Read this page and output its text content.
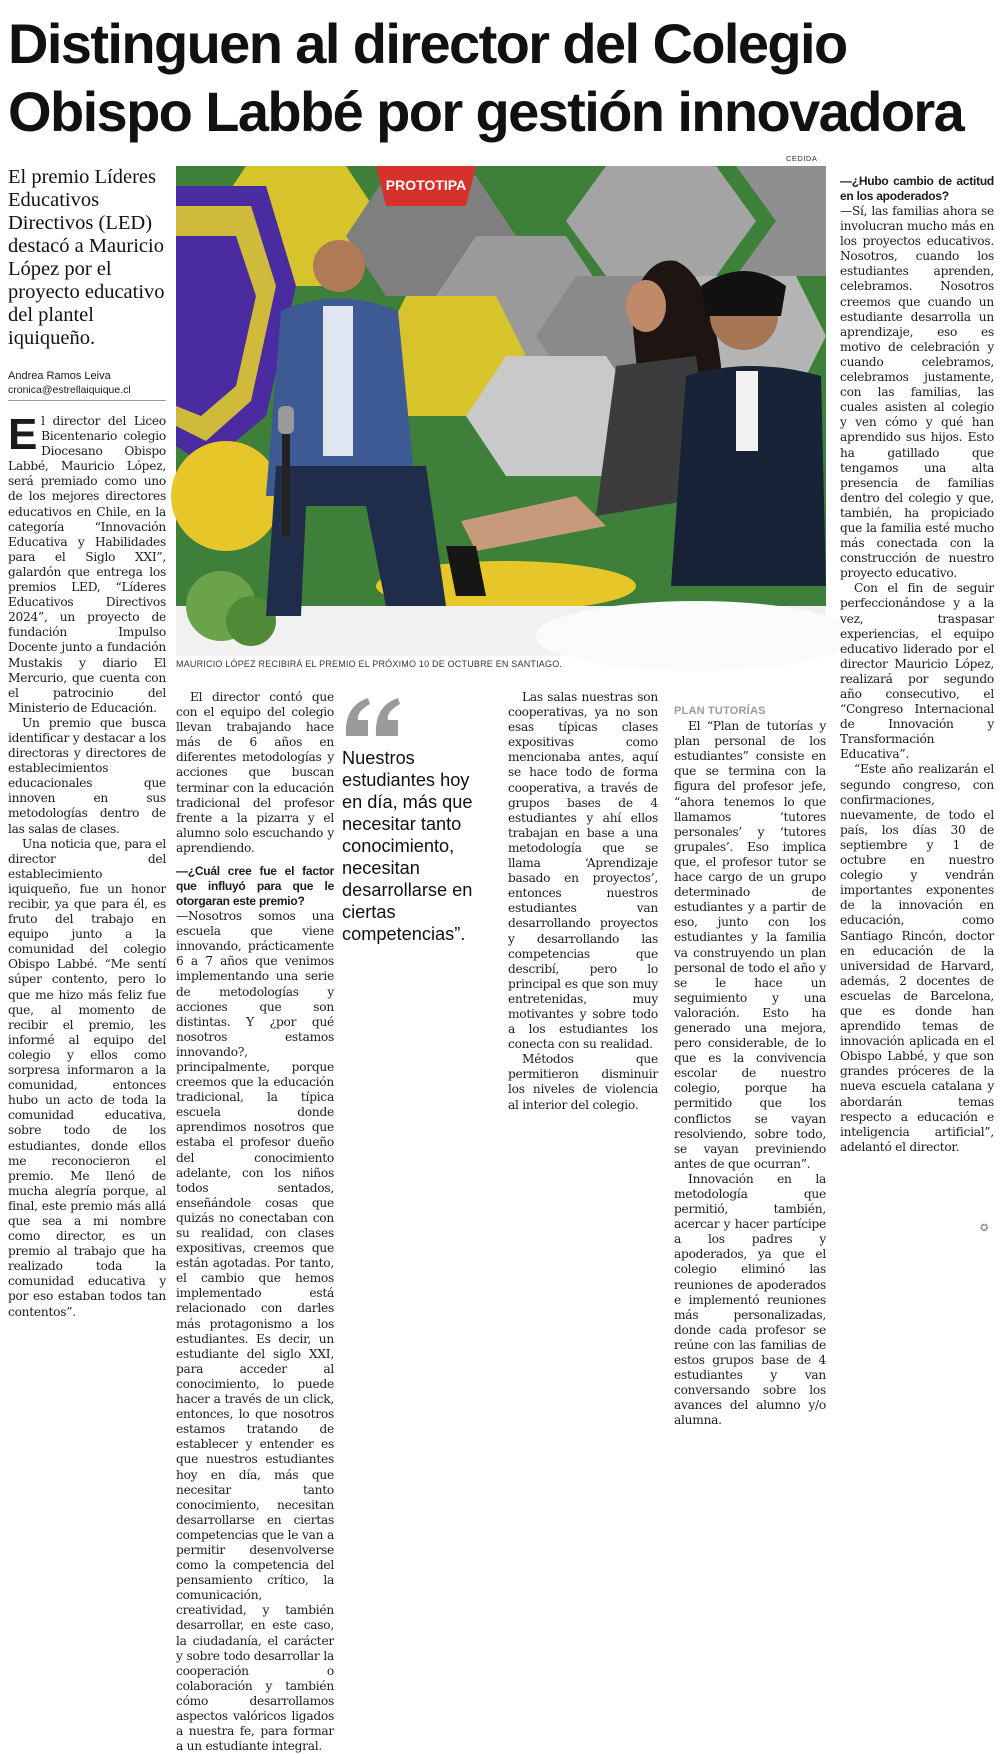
Distinguen al director del Colegio
Obispo Labbé por gestión innovadora
El premio Líderes Educativos Directivos (LED) destacó a Mauricio López por el proyecto educativo del plantel iquiqueño.
Andrea Ramos Leiva
cronica@estrellaiquique.cl
CEDIDA
PROTOTIPA
MAURICIO LÓPEZ RECIBIRÁ EL PREMIO EL PRÓXIMO 10 DE OCTUBRE EN SANTIAGO.

El director del Liceo Bicentenario colegio Diocesano Obispo Labbé, Mauricio López, será premiado como uno de los mejores directores educativos en Chile, en la categoría “Innovación Educativa y Habilidades para el Siglo XXI”, galardón que entrega los premios LED, “Líderes Educativos Directivos 2024”, un proyecto de fundación Impulso Docente junto a fundación Mustakis y diario El Mercurio, que cuenta con el patrocinio del Ministerio de Educación.

Un premio que busca identificar y destacar a los directoras y directores de establecimientos educacionales que innoven en sus metodologías dentro de las salas de clases.

Una noticia que, para el director del establecimiento iquiqueño, fue un honor recibir, ya que para él, es fruto del trabajo en equipo junto a la comunidad del colegio Obispo Labbé. “Me sentí súper contento, pero lo que me hizo más feliz fue que, al momento de recibir el premio, les informé al equipo del colegio y ellos como sorpresa informaron a la comunidad, entonces hubo un acto de toda la comunidad educativa, sobre todo de los estudiantes, donde ellos me reconocieron el premio. Me llenó de mucha alegría porque, al final, este premio más allá que sea a mi nombre como director, es un premio al trabajo que ha realizado toda la comunidad educativa y por eso estaban todos tan contentos”.

El director contó que con el equipo del colegio llevan trabajando hace más de 6 años en diferentes metodologías y acciones que buscan terminar con la educación tradicional del profesor frente a la pizarra y el alumno solo escuchando y aprendiendo.

—¿Cuál cree fue el factor que influyó para que le otorgaran este premio?

—Nosotros somos una escuela que viene innovando, prácticamente 6 a 7 años que venimos implementando una serie de metodologías y acciones que son distintas. Y ¿por qué nosotros estamos innovando?, principalmente, porque creemos que la educación tradicional, la típica escuela donde aprendimos nosotros que estaba el profesor dueño del conocimiento adelante, con los niños todos sentados, enseñándole cosas que quizás no conectaban con su realidad, con clases expositivas, creemos que están agotadas. Por tanto, el cambio que hemos implementado está relacionado con darles más protagonismo a los estudiantes. Es decir, un estudiante del siglo XXI, para acceder al conocimiento, lo puede hacer a través de un click, entonces, lo que nosotros estamos tratando de establecer y entender es que nuestros estudiantes hoy en día, más que necesitar tanto conocimiento, necesitan desarrollarse en ciertas competencias que le van a permitir desenvolverse como la competencia del pensamiento crítico, la comunicación, creatividad, y también desarrollar, en este caso, la ciudadanía, el carácter y sobre todo desarrollar la cooperación o colaboración y también cómo desarrollamos aspectos valóricos ligados a nuestra fe, para formar a un estudiante integral.

Nuestros estudiantes hoy en día, más que necesitar tanto conocimiento, necesitan desarrollarse en ciertas competencias”.

Las salas nuestras son cooperativas, ya no son esas típicas clases expositivas como mencionaba antes, aquí se hace todo de forma cooperativa, a través de grupos bases de 4 estudiantes y ahí ellos trabajan en base a una metodología que se llama ‘Aprendizaje basado en proyectos’, entonces nuestros estudiantes van desarrollando proyectos y desarrollando las competencias que describí, pero lo principal es que son muy entretenidas, muy motivantes y sobre todo a los estudiantes los conecta con su realidad.

Métodos que permitieron disminuir los niveles de violencia al interior del colegio.

PLAN TUTORÍAS

El “Plan de tutorías y plan personal de los estudiantes” consiste en que se termina con la figura del profesor jefe, “ahora tenemos lo que llamamos ‘tutores personales’ y ‘tutores grupales’. Eso implica que, el profesor tutor se hace cargo de un grupo determinado de estudiantes y a partir de eso, junto con los estudiantes y la familia va construyendo un plan personal de todo el año y se le hace un seguimiento y una valoración. Esto ha generado una mejora, pero considerable, de lo que es la convivencia escolar de nuestro colegio, porque ha permitido que los conflictos se vayan resolviendo, sobre todo, se vayan previniendo antes de que ocurran”.

Innovación en la metodología que permitió, también, acercar y hacer partícipe a los padres y apoderados, ya que el colegio eliminó las reuniones de apoderados e implementó reuniones más personalizadas, donde cada profesor se reúne con las familias de estos grupos base de 4 estudiantes y van conversando sobre los avances del alumno y/o alumna.

—¿Hubo cambio de actitud en los apoderados?

—Sí, las familias ahora se involucran mucho más en los proyectos educativos. Nosotros, cuando los estudiantes aprenden, celebramos. Nosotros creemos que cuando un estudiante desarrolla un aprendizaje, eso es motivo de celebración y cuando celebramos, celebramos justamente, con las familias, las cuales asisten al colegio y ven cómo y qué han aprendido sus hijos. Esto ha gatillado que tengamos una alta presencia de familias dentro del colegio y que, también, ha propiciado que la familia esté mucho más conectada con la construcción de nuestro proyecto educativo.

Con el fin de seguir perfeccionándose y a la vez, traspasar experiencias, el equipo educativo liderado por el director Mauricio López, realizará por segundo año consecutivo, el “Congreso Internacional de Innovación y Transformación Educativa”.

“Este año realizarán el segundo congreso, con confirmaciones, nuevamente, de todo el país, los días 30 de septiembre y 1 de octubre en nuestro colegio y vendrán importantes exponentes de la innovación en educación, como Santiago Rincón, doctor en educación de la universidad de Harvard, además, 2 docentes de escuelas de Barcelona, que es donde han aprendido temas de innovación aplicada en el Obispo Labbé, y que son grandes próceres de la nueva escuela catalana y abordarán temas respecto a educación e inteligencia artificial”, adelantó el director.

✪
